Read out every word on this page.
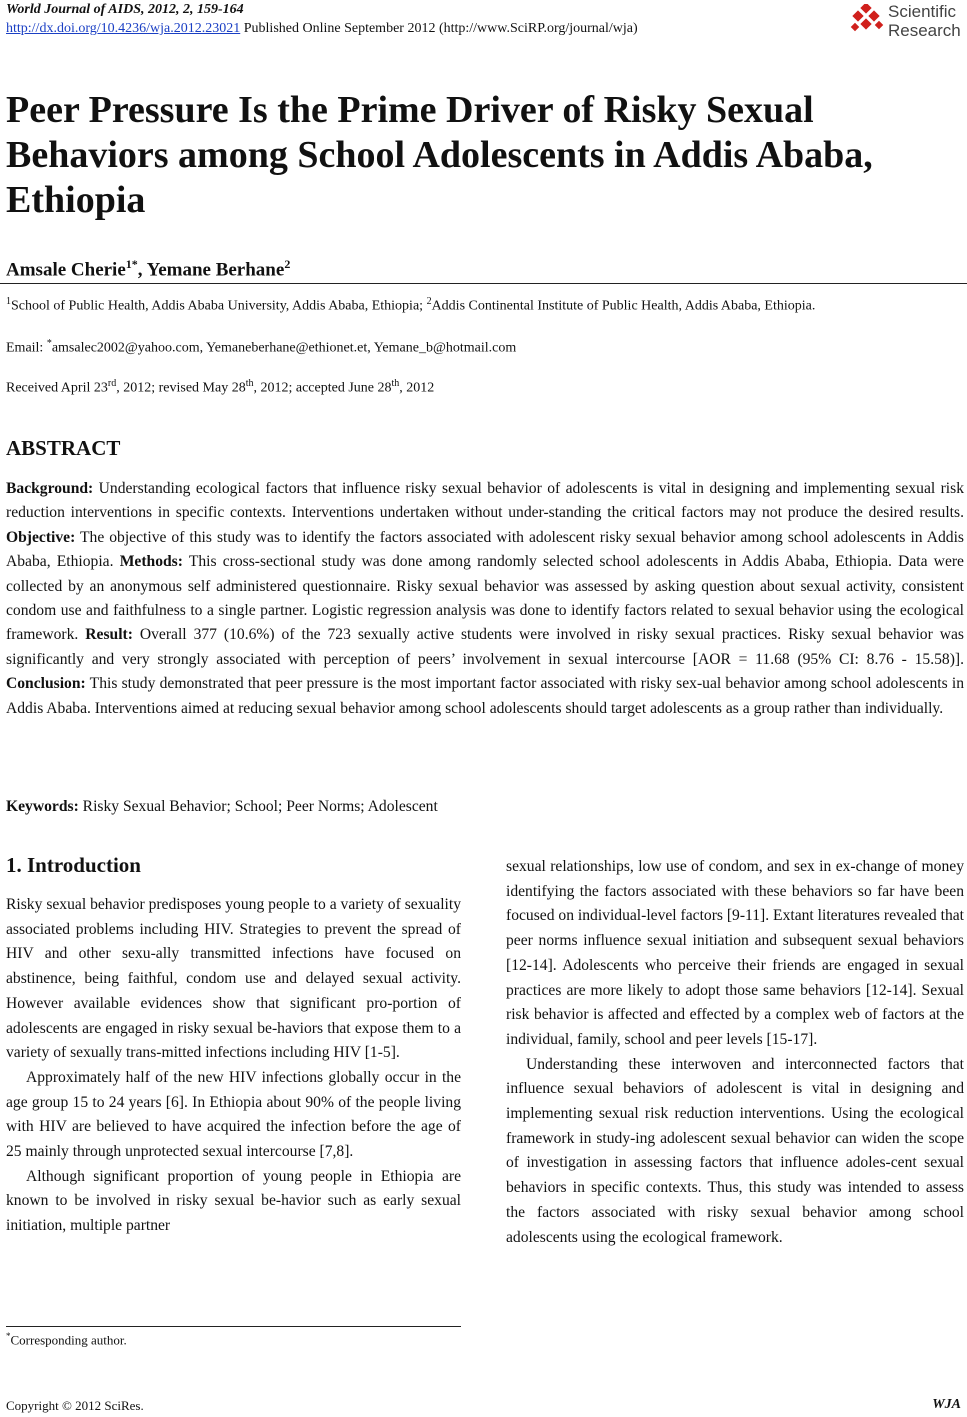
World Journal of AIDS, 2012, 2, 159-164
http://dx.doi.org/10.4236/wja.2012.23021 Published Online September 2012 (http://www.SciRP.org/journal/wja)
Scientific
Research
Peer Pressure Is the Prime Driver of Risky Sexual Behaviors among School Adolescents in Addis Ababa, Ethiopia
Amsale Cherie$^{1*}$, Yemane Berhane$^2$
$^1$School of Public Health, Addis Ababa University, Addis Ababa, Ethiopia; $^2$Addis Continental Institute of Public Health, Addis Ababa, Ethiopia.
Email: *amsalec2002@yahoo.com, Yemaneberhane@ethionet.et, Yemane_b@hotmail.com
Received April 23rd, 2012; revised May 28th, 2012; accepted June 28th, 2012
ABSTRACT
Background: Understanding ecological factors that influence risky sexual behavior of adolescents is vital in designing and implementing sexual risk reduction interventions in specific contexts. Interventions undertaken without under-standing the critical factors may not produce the desired results. Objective: The objective of this study was to identify the factors associated with adolescent risky sexual behavior among school adolescents in Addis Ababa, Ethiopia. Methods: This cross-sectional study was done among randomly selected school adolescents in Addis Ababa, Ethiopia. Data were collected by an anonymous self administered questionnaire. Risky sexual behavior was assessed by asking question about sexual activity, consistent condom use and faithfulness to a single partner. Logistic regression analysis was done to identify factors related to sexual behavior using the ecological framework. Result: Overall 377 (10.6%) of the 723 sexually active students were involved in risky sexual practices. Risky sexual behavior was significantly and very strongly associated with perception of peers’ involvement in sexual intercourse [AOR = 11.68 (95% CI: 8.76 - 15.58)]. Conclusion: This study demonstrated that peer pressure is the most important factor associated with risky sex-ual behavior among school adolescents in Addis Ababa. Interventions aimed at reducing sexual behavior among school adolescents should target adolescents as a group rather than individually.
Keywords: Risky Sexual Behavior; School; Peer Norms; Adolescent
1. Introduction

Risky sexual behavior predisposes young people to a variety of sexuality associated problems including HIV. Strategies to prevent the spread of HIV and other sexu-ally transmitted infections have focused on abstinence, being faithful, condom use and delayed sexual activity. However available evidences show that significant pro-portion of adolescents are engaged in risky sexual be-haviors that expose them to a variety of sexually trans-mitted infections including HIV [1-5].

Approximately half of the new HIV infections globally occur in the age group 15 to 24 years [6]. In Ethiopia about 90% of the people living with HIV are believed to have acquired the infection before the age of 25 mainly through unprotected sexual intercourse [7,8].

Although significant proportion of young people in Ethiopia are known to be involved in risky sexual be-havior such as early sexual initiation, multiple partner

sexual relationships, low use of condom, and sex in ex-change of money identifying the factors associated with these behaviors so far have been focused on individual-level factors [9-11]. Extant literatures revealed that peer norms influence sexual initiation and subsequent sexual behaviors [12-14]. Adolescents who perceive their friends are engaged in sexual practices are more likely to adopt those same behaviors [12-14]. Sexual risk behavior is affected and effected by a complex web of factors at the individual, family, school and peer levels [15-17].

Understanding these interwoven and interconnected factors that influence sexual behaviors of adolescent is vital in designing and implementing sexual risk reduction interventions. Using the ecological framework in study-ing adolescent sexual behavior can widen the scope of investigation in assessing factors that influence adoles-cent sexual behaviors in specific contexts. Thus, this study was intended to assess the factors associated with risky sexual behavior among school adolescents using the ecological framework.

*Corresponding author.
Copyright © 2012 SciRes.	WJA
